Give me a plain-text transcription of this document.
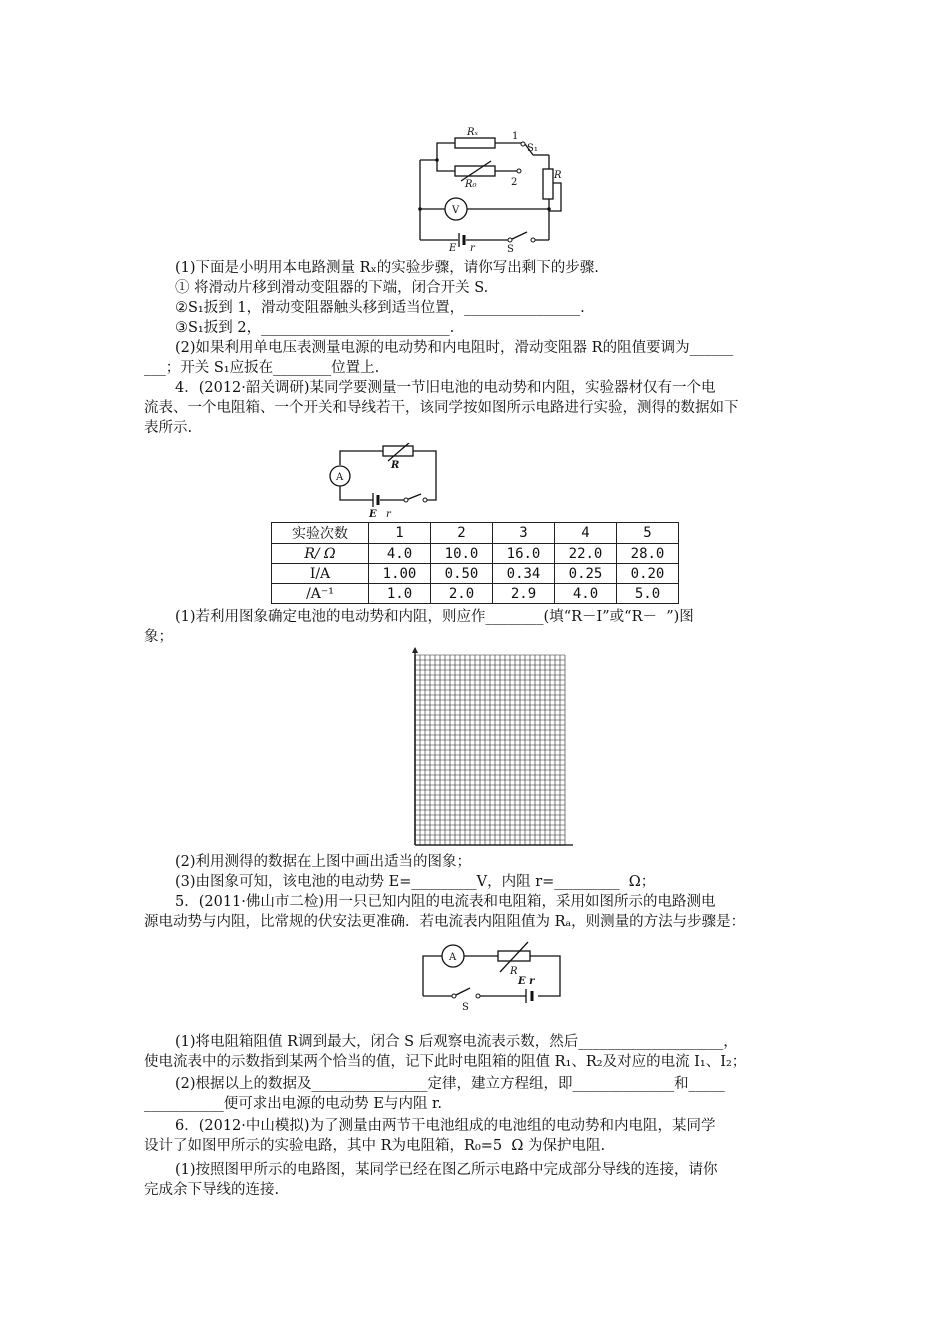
Rₓ	1
S₁
R₀	2
R
V
E r	S
(1)下面是小明用本电路测量 Rₓ的实验步骤，请你写出剩下的步骤.
① 将滑动片移到滑动变阻器的下端，闭合开关 S.
②S₁扳到 1，滑动变阻器触头移到适当位置，________________.
③S₁扳到 2，__________________________.
(2)如果利用单电压表测量电源的电动势和内电阻时，滑动变阻器 R的阻值要调为______
___；开关 S₁应扳在________位置上.
4．(2012·韶关调研)某同学要测量一节旧电池的电动势和内阻，实验器材仅有一个电
流表、一个电阻箱、一个开关和导线若干，该同学按如图所示电路进行实验，测得的数据如下
表所示.
A
R
E r
实验次数	1	2	3	4	5
R/ Ω	4.0	10.0	16.0	22.0	28.0
I/A	1.00	0.50	0.34	0.25	0.20
/A⁻¹	1.0	2.0	2.9	4.0	5.0
(1)若利用图象确定电池的电动势和内阻，则应作________(填“R－I”或“R－  ”)图
象；
(2)利用测得的数据在上图中画出适当的图象；
(3)由图象可知，该电池的电动势 E=_________V，内阻 r=_________  Ω；
5．(2011·佛山市二检)用一只已知内阻的电流表和电阻箱，采用如图所示的电路测电
源电动势与内阻，比常规的伏安法更准确．若电流表内阻阻值为 Rₐ，则测量的方法与步骤是：
A
R
E r
S
(1)将电阻箱阻值 R调到最大，闭合 S 后观察电流表示数，然后____________________，
使电流表中的示数指到某两个恰当的值，记下此时电阻箱的阻值 R₁、R₂及对应的电流 I₁、I₂；
(2)根据以上的数据及________________定律，建立方程组，即______________和_____
___________便可求出电源的电动势 E与内阻 r.
6．(2012·中山模拟)为了测量由两节干电池组成的电池组的电动势和内电阻，某同学
设计了如图甲所示的实验电路，其中 R为电阻箱，R₀=5  Ω 为保护电阻.
(1)按照图甲所示的电路图，某同学已经在图乙所示电路中完成部分导线的连接，请你
完成余下导线的连接.
